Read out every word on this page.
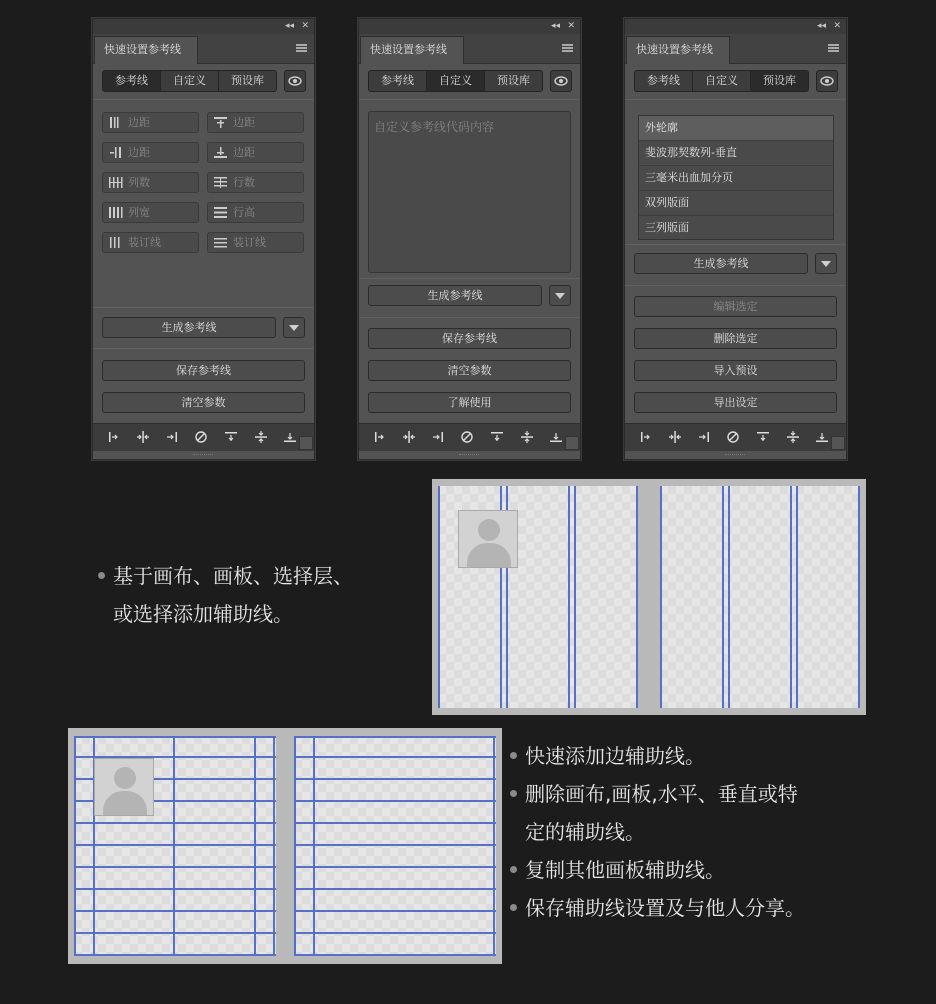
◂◂ ✕
快速设置参考线
参考线	自定义	预设库
边距	边距
边距	边距
列数	行数
列宽	行高
装订线	装订线
生成参考线
保存参考线
清空参数
◂◂ ✕
快速设置参考线
参考线	自定义	预设库
自定义参考线代码内容
生成参考线
保存参考线
清空参数
了解使用
◂◂ ✕
快速设置参考线
参考线	自定义	预设库
外轮廓
斐波那契数列-垂直
三毫米出血加分页
双列版面
三列版面
生成参考线
编辑选定
删除选定
导入预设
导出设定
基于画布、画板、选择层、
或选择添加辅助线。
快速添加边辅助线。
删除画布,画板,水平、垂直或特
定的辅助线。
复制其他画板辅助线。
保存辅助线设置及与他人分享。
